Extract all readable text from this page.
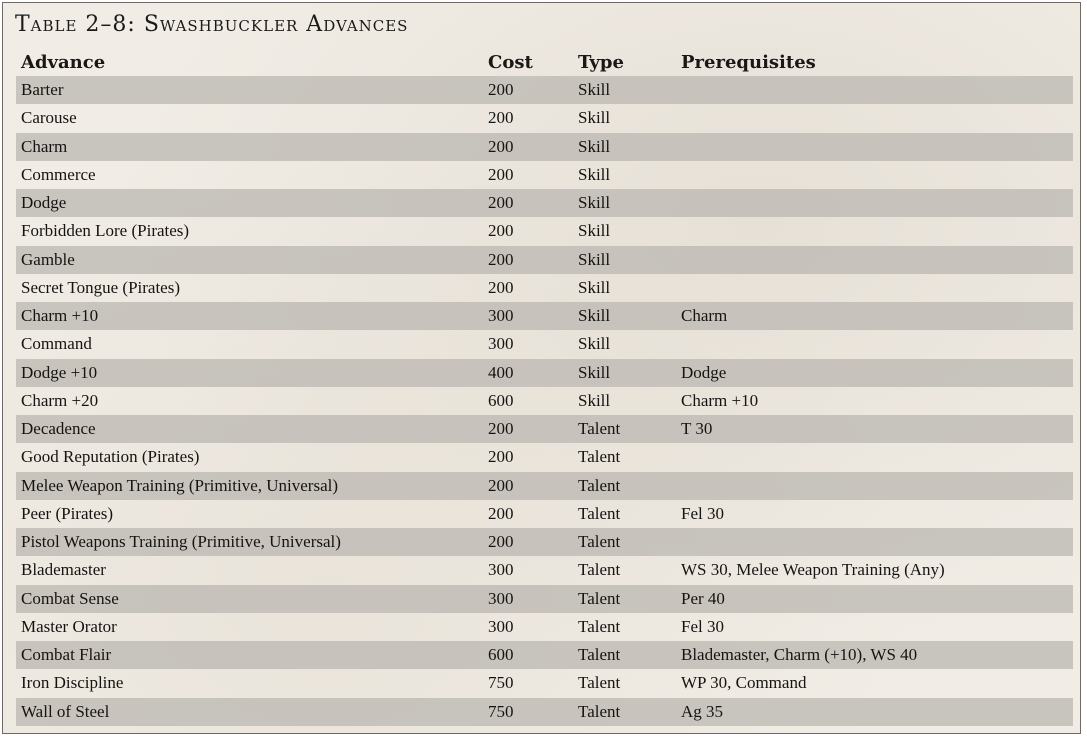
Table 2–8: Swashbuckler Advances
Advance	Cost	Type	Prerequisites
Barter	200	Skill
Carouse	200	Skill
Charm	200	Skill
Commerce	200	Skill
Dodge	200	Skill
Forbidden Lore (Pirates)	200	Skill
Gamble	200	Skill
Secret Tongue (Pirates)	200	Skill
Charm +10	300	Skill	Charm
Command	300	Skill
Dodge +10	400	Skill	Dodge
Charm +20	600	Skill	Charm +10
Decadence	200	Talent	T 30
Good Reputation (Pirates)	200	Talent
Melee Weapon Training (Primitive, Universal)	200	Talent
Peer (Pirates)	200	Talent	Fel 30
Pistol Weapons Training (Primitive, Universal)	200	Talent
Blademaster	300	Talent	WS 30, Melee Weapon Training (Any)
Combat Sense	300	Talent	Per 40
Master Orator	300	Talent	Fel 30
Combat Flair	600	Talent	Blademaster, Charm (+10), WS 40
Iron Discipline	750	Talent	WP 30, Command
Wall of Steel	750	Talent	Ag 35
